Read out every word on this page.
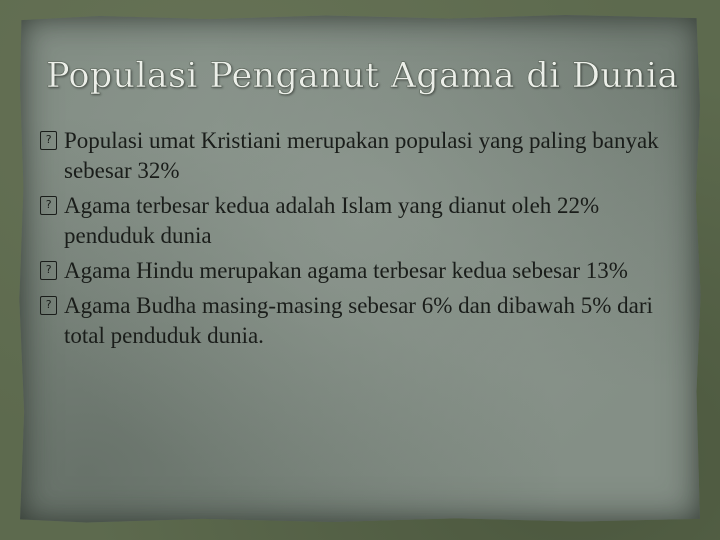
Populasi Penganut Agama di Dunia
? Populasi umat Kristiani merupakan populasi yang paling banyak sebesar 32%
? Agama terbesar kedua adalah Islam yang dianut oleh 22% penduduk dunia
? Agama Hindu merupakan agama terbesar kedua sebesar 13%
? Agama Budha masing-masing sebesar 6% dan dibawah 5% dari total penduduk dunia.
